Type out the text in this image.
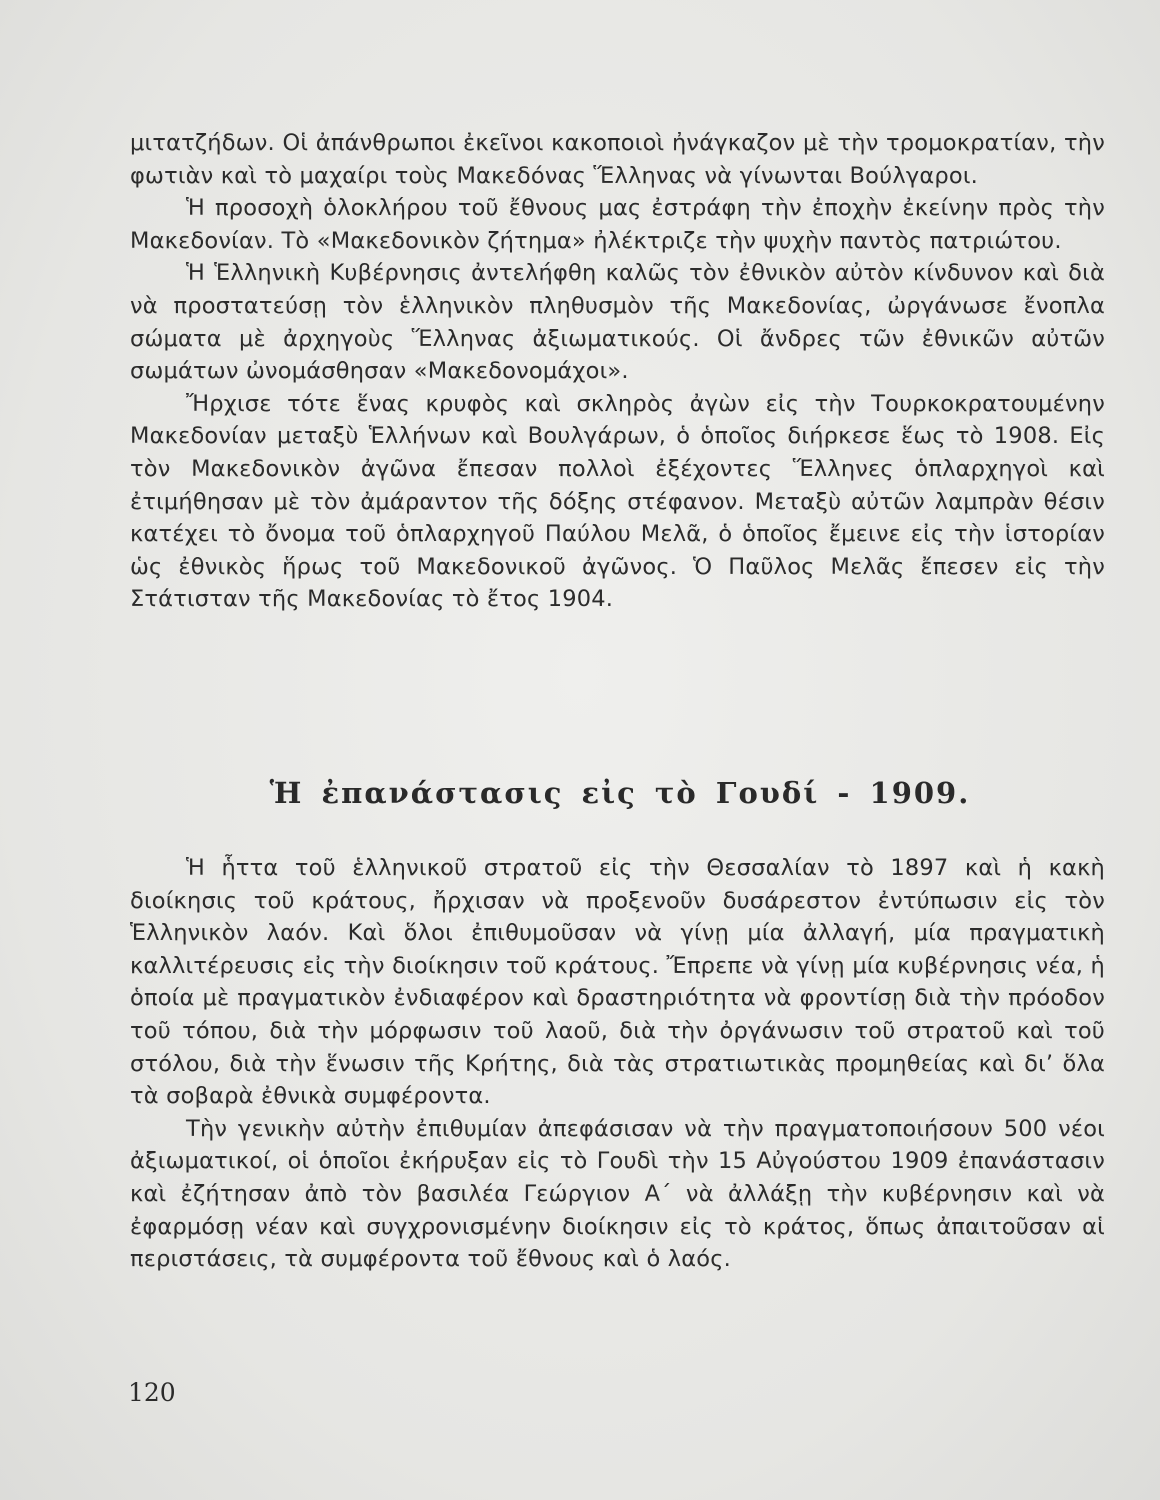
μιτατζήδων. Οἱ ἀπάνθρωποι ἐκεῖνοι κακοποιοὶ ἠνάγκαζον μὲ τὴν τρομοκρατίαν, τὴν φωτιὰν καὶ τὸ μαχαίρι τοὺς Μακεδόνας Ἕλληνας νὰ γίνωνται Βούλγαροι.

Ἡ προσοχὴ ὁλοκλήρου τοῦ ἔθνους μας ἐστράφη τὴν ἐποχὴν ἐκείνην πρὸς τὴν Μακεδονίαν. Τὸ «Μακεδονικὸν ζήτημα» ἠλέκτριζε τὴν ψυχὴν παντὸς πατριώτου.

Ἡ Ἑλληνικὴ Κυβέρνησις ἀντελήφθη καλῶς τὸν ἐθνικὸν αὐτὸν κίνδυνον καὶ διὰ νὰ προστατεύσῃ τὸν ἑλληνικὸν πληθυσμὸν τῆς Μακεδονίας, ὠργάνωσε ἔνοπλα σώματα μὲ ἀρχηγοὺς Ἕλληνας ἀξιωματικούς. Οἱ ἄνδρες τῶν ἐθνικῶν αὐτῶν σωμάτων ὠνομάσθησαν «Μακεδονομάχοι».

Ἤρχισε τότε ἕνας κρυφὸς καὶ σκληρὸς ἀγὼν εἰς τὴν Τουρκοκρατουμένην Μακεδονίαν μεταξὺ Ἑλλήνων καὶ Βουλγάρων, ὁ ὁποῖος διήρκεσε ἕως τὸ 1908. Εἰς τὸν Μακεδονικὸν ἀγῶνα ἔπεσαν πολλοὶ ἐξέχοντες Ἕλληνες ὁπλαρχηγοὶ καὶ ἐτιμήθησαν μὲ τὸν ἀμάραντον τῆς δόξης στέφανον. Μεταξὺ αὐτῶν λαμπρὰν θέσιν κατέχει τὸ ὄνομα τοῦ ὁπλαρχηγοῦ Παύλου Μελᾶ, ὁ ὁποῖος ἔμεινε εἰς τὴν ἱστορίαν ὡς ἐθνικὸς ἥρως τοῦ Μακεδονικοῦ ἀγῶνος. Ὁ Παῦλος Μελᾶς ἔπεσεν εἰς τὴν Στάτισταν τῆς Μακεδονίας τὸ ἔτος 1904.

Ἡ ἐπανάστασις εἰς τὸ Γουδί - 1909.

Ἡ ἧττα τοῦ ἑλληνικοῦ στρατοῦ εἰς τὴν Θεσσαλίαν τὸ 1897 καὶ ἡ κακὴ διοίκησις τοῦ κράτους, ἤρχισαν νὰ προξενοῦν δυσάρεστον ἐντύπωσιν εἰς τὸν Ἑλληνικὸν λαόν. Καὶ ὅλοι ἐπιθυμοῦσαν νὰ γίνῃ μία ἀλλαγή, μία πραγματικὴ καλλιτέρευσις εἰς τὴν διοίκησιν τοῦ κράτους. Ἔπρεπε νὰ γίνῃ μία κυβέρνησις νέα, ἡ ὁποία μὲ πραγματικὸν ἐνδιαφέρον καὶ δραστηριότητα νὰ φροντίσῃ διὰ τὴν πρόοδον τοῦ τόπου, διὰ τὴν μόρφωσιν τοῦ λαοῦ, διὰ τὴν ὀργάνωσιν τοῦ στρατοῦ καὶ τοῦ στόλου, διὰ τὴν ἕνωσιν τῆς Κρήτης, διὰ τὰς στρατιωτικὰς προμηθείας καὶ δι’ ὅλα τὰ σοβαρὰ ἐθνικὰ συμφέροντα.

Τὴν γενικὴν αὐτὴν ἐπιθυμίαν ἀπεφάσισαν νὰ τὴν πραγματοποιήσουν 500 νέοι ἀξιωματικοί, οἱ ὁποῖοι ἐκήρυξαν εἰς τὸ Γουδὶ τὴν 15 Αὐγούστου 1909 ἐπανάστασιν καὶ ἐζήτησαν ἀπὸ τὸν βασιλέα Γεώργιον Α΄ νὰ ἀλλάξῃ τὴν κυβέρνησιν καὶ νὰ ἐφαρμόσῃ νέαν καὶ συγχρονισμένην διοίκησιν εἰς τὸ κράτος, ὅπως ἀπαιτοῦσαν αἱ περιστάσεις, τὰ συμφέροντα τοῦ ἔθνους καὶ ὁ λαός.

120
